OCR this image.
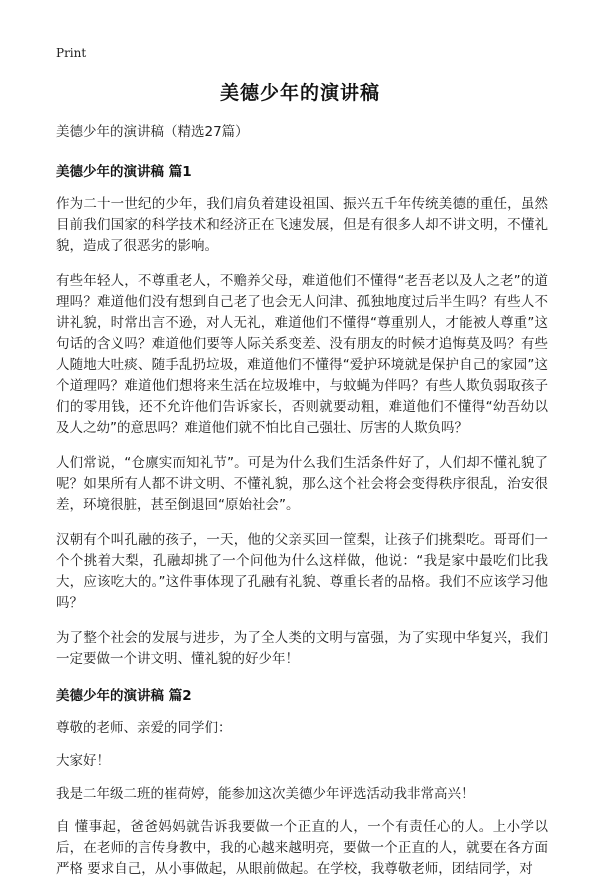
Print
美德少年的演讲稿

美德少年的演讲稿（精选27篇）

美德少年的演讲稿 篇1

作为二十一世纪的少年，我们肩负着建设祖国、振兴五千年传统美德的重任，虽然目前我们国家的科学技术和经济正在飞速发展，但是有很多人却不讲文明，不懂礼貌，造成了很恶劣的影响。

有些年轻人，不尊重老人，不赡养父母，难道他们不懂得“老吾老以及人之老”的道理吗？难道他们没有想到自己老了也会无人问津、孤独地度过后半生吗？有些人不讲礼貌，时常出言不逊，对人无礼，难道他们不懂得“尊重别人，才能被人尊重”这句话的含义吗？难道他们要等人际关系变差、没有朋友的时候才追悔莫及吗？有些人随地大吐痰、随手乱扔垃圾，难道他们不懂得“爱护环境就是保护自己的家园”这个道理吗？难道他们想将来生活在垃圾堆中，与蚊蝇为伴吗？有些人欺负弱取孩子们的零用钱，还不允许他们告诉家长，否则就要动粗，难道他们不懂得“幼吾幼以及人之幼”的意思吗？难道他们就不怕比自己强壮、厉害的人欺负吗？

人们常说，“仓廪实而知礼节”。可是为什么我们生活条件好了，人们却不懂礼貌了呢？如果所有人都不讲文明、不懂礼貌，那么这个社会将会变得秩序很乱，治安很差，环境很脏，甚至倒退回“原始社会”。

汉朝有个叫孔融的孩子，一天，他的父亲买回一筐梨，让孩子们挑梨吃。哥哥们一个个挑着大梨，孔融却挑了一个问他为什么这样做，他说：“我是家中最吃们比我大，应该吃大的。”这件事体现了孔融有礼貌、尊重长者的品格。我们不应该学习他吗？

为了整个社会的发展与进步，为了全人类的文明与富强，为了实现中华复兴，我们一定要做一个讲文明、懂礼貌的好少年！

美德少年的演讲稿 篇2

尊敬的老师、亲爱的同学们：

大家好！

我是二年级二班的崔荷婷，能参加这次美德少年评选活动我非常高兴！

自 懂事起，爸爸妈妈就告诉我要做一个正直的人，一个有责任心的人。上小学以后，在老师的言传身教中，我的心越来越明亮，要做一个正直的人，就要在各方面严格 要求自己，从小事做起，从眼前做起。在学校，我尊敬老师，团结同学，对
